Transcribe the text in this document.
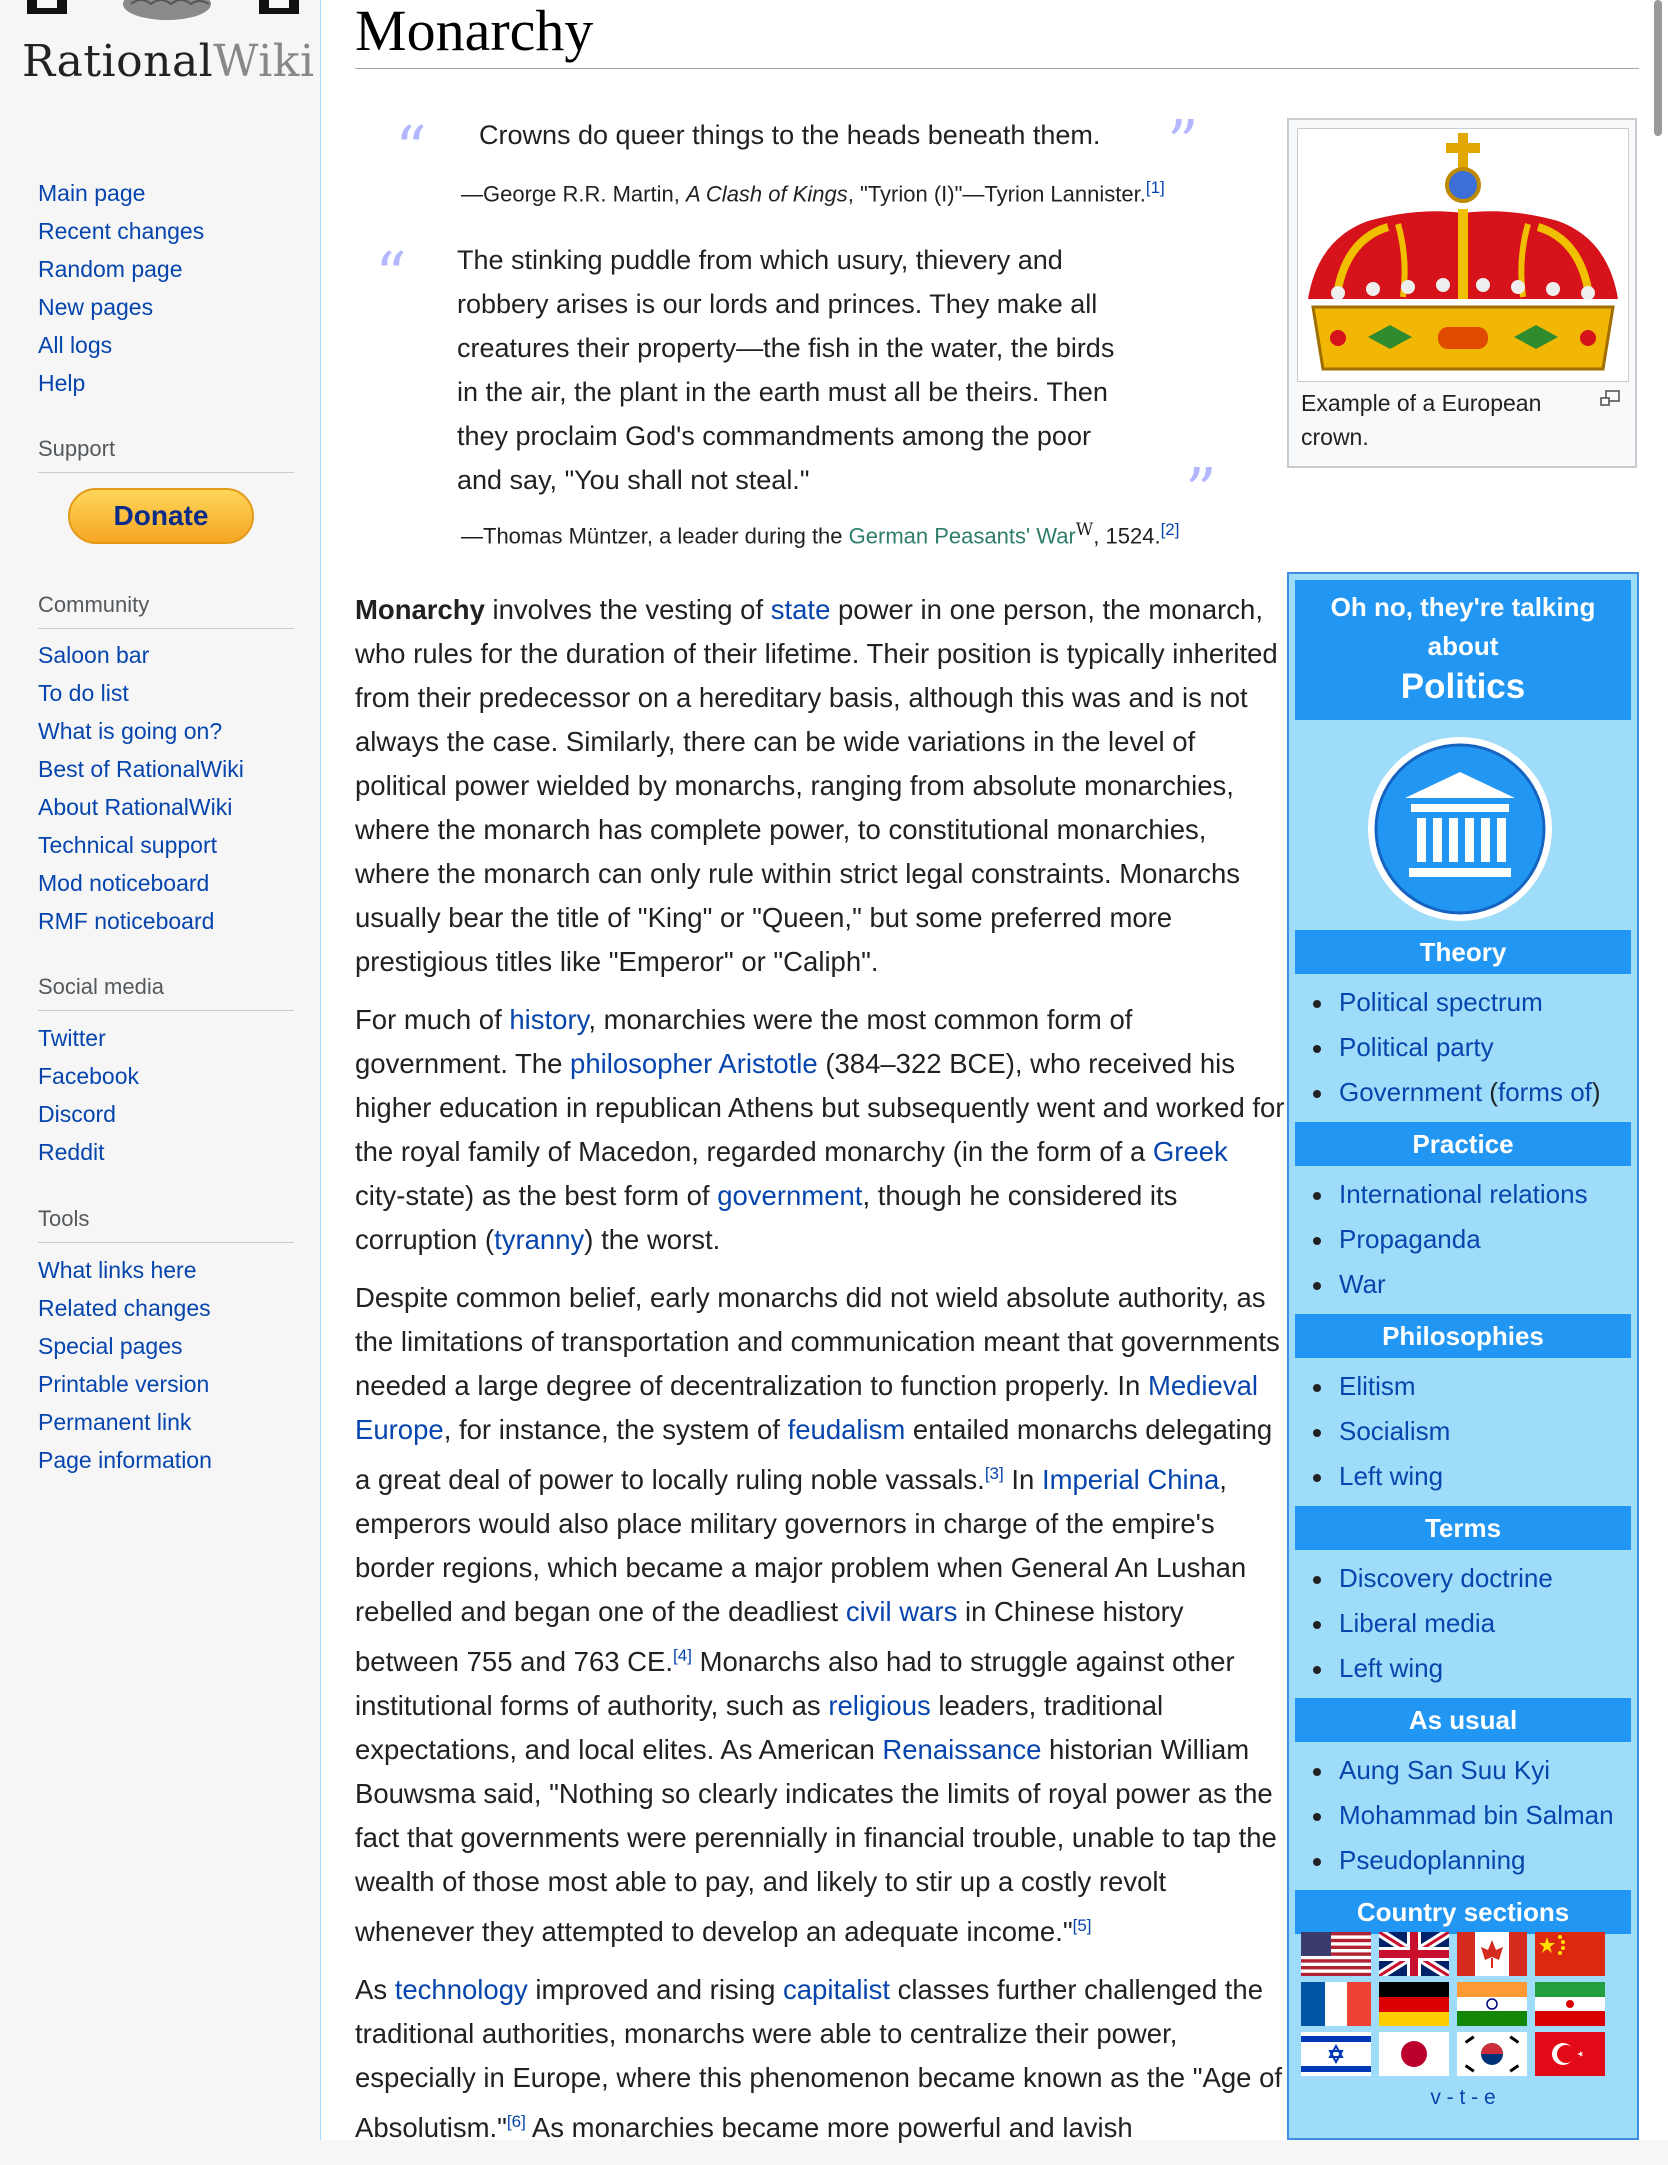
RationalWiki
Main page
Recent changes
Random page
New pages
All logs
Help
Support
Donate
Community
Saloon bar
To do list
What is going on?
Best of RationalWiki
About RationalWiki
Technical support
Mod noticeboard
RMF noticeboard
Social media
Twitter
Facebook
Discord
Reddit
Tools
What links here
Related changes
Special pages
Printable version
Permanent link
Page information
Monarchy
“ Crowns do queer things to the heads beneath them. ”
—George R.R. Martin, A Clash of Kings, "Tyrion (I)"—Tyrion Lannister.[1]
“ The stinking puddle from which usury, thievery and
robbery arises is our lords and princes. They make all
creatures their property—the fish in the water, the birds
in the air, the plant in the earth must all be theirs. Then
they proclaim God's commandments among the poor
and say, "You shall not steal."	”
—Thomas Müntzer, a leader during the German Peasants' War$^W$, 1524.[2]
Example of a European crown.

Monarchy involves the vesting of state power in one person, the monarch, who rules for the duration of their lifetime. Their position is typically inherited from their predecessor on a hereditary basis, although this was and is not always the case. Similarly, there can be wide variations in the level of political power wielded by monarchs, ranging from absolute monarchies, where the monarch has complete power, to constitutional monarchies, where the monarch can only rule within strict legal constraints. Monarchs usually bear the title of "King" or "Queen," but some preferred more prestigious titles like "Emperor" or "Caliph".

For much of history, monarchies were the most common form of government. The philosopher Aristotle (384–322 BCE), who received his higher education in republican Athens but subsequently went and worked for the royal family of Macedon, regarded monarchy (in the form of a Greek city-state) as the best form of government, though he considered its corruption (tyranny) the worst.

Despite common belief, early monarchs did not wield absolute authority, as the limitations of transportation and communication meant that governments needed a large degree of decentralization to function properly. In Medieval Europe, for instance, the system of feudalism entailed monarchs delegating a great deal of power to locally ruling noble vassals.[3] In Imperial China, emperors would also place military governors in charge of the empire's border regions, which became a major problem when General An Lushan rebelled and began one of the deadliest civil wars in Chinese history between 755 and 763 CE.[4] Monarchs also had to struggle against other institutional forms of authority, such as religious leaders, traditional expectations, and local elites. As American Renaissance historian William Bouwsma said, "Nothing so clearly indicates the limits of royal power as the fact that governments were perennially in financial trouble, unable to tap the wealth of those most able to pay, and likely to stir up a costly revolt whenever they attempted to develop an adequate income."[5]

As technology improved and rising capitalist classes further challenged the traditional authorities, monarchs were able to centralize their power, especially in Europe, where this phenomenon became known as the "Age of Absolutism."[6] As monarchies became more powerful and lavish

Oh no, they're talking
about
Politics
Theory
Political spectrum
Political party
Government (forms of)
Practice
International relations
Propaganda
War
Philosophies
Elitism
Socialism
Left wing
Terms
Discovery doctrine
Liberal media
Left wing
As usual
Aung San Suu Kyi
Mohammad bin Salman
Pseudoplanning
Country sections
v - t - e
